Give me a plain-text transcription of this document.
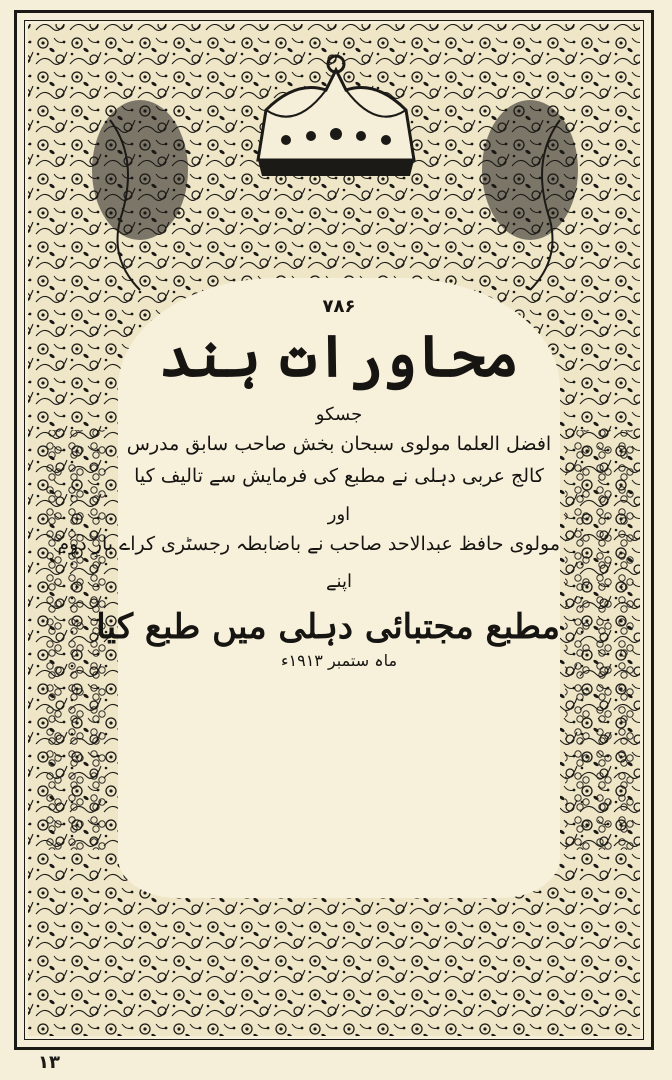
۷۸۶
محاورات ہند
جسکو
افضل العلما مولوی سبحان بخش صاحب سابق مدرس
کالج عربی دہلی نے مطبع کی فرمایش سے تالیف کیا
اور
مولوی حافظ عبدالاحد صاحب نے باضابطہ رجسٹری کراے بارِ دوم
اپنے
مطبع مجتبائی دہلی میں طبع کیا
ماہ ستمبر ۱۹۱۳ء
۱۳
